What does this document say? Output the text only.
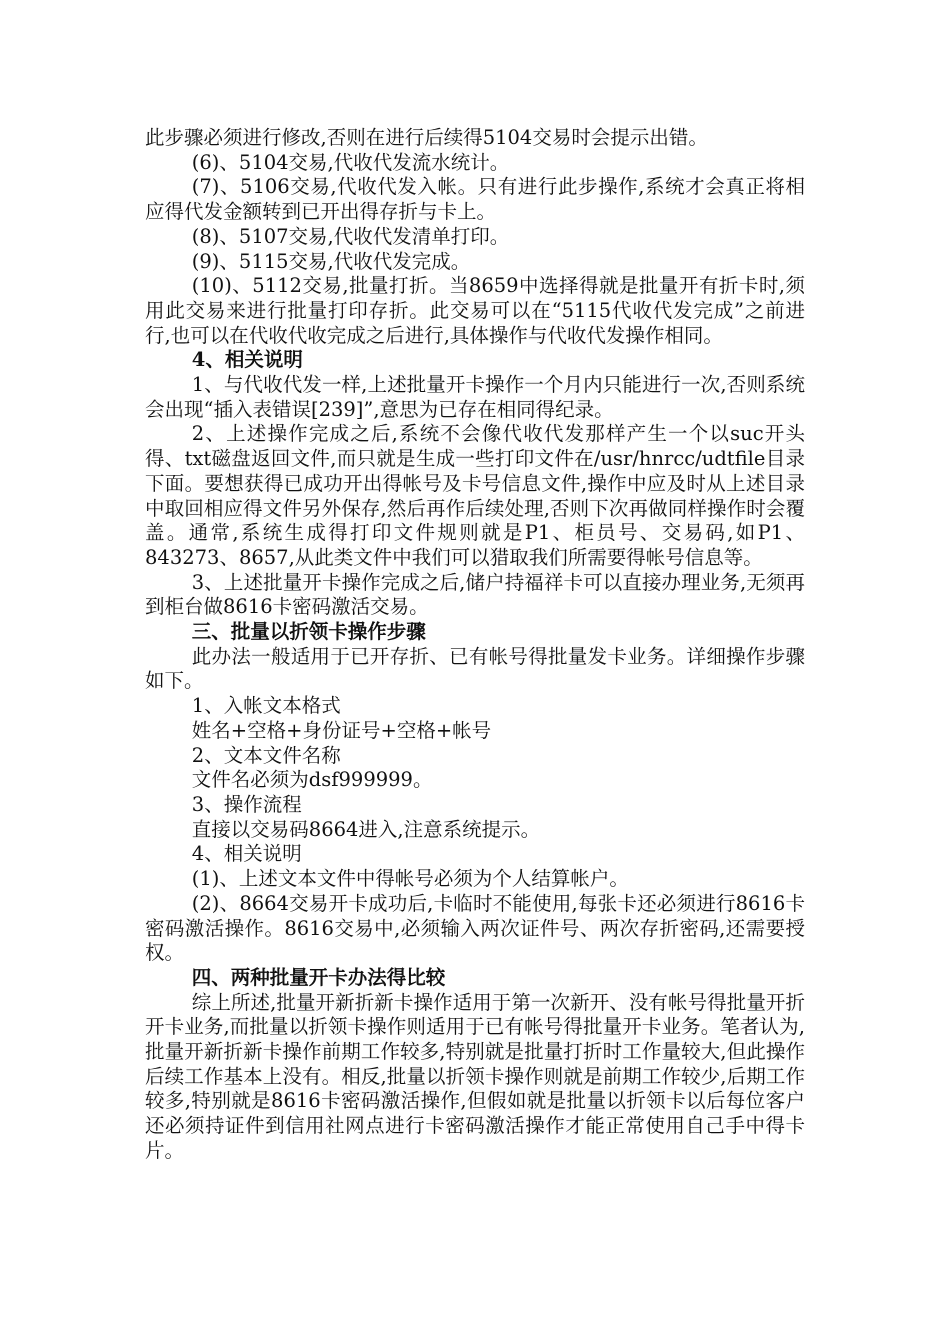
此步骤必须进行修改,否则在进行后续得5104交易时会提示出错。

(6)、5104交易,代收代发流水统计。

(7)、5106交易,代收代发入帐。只有进行此步操作,系统才会真正将相应得代发金额转到已开出得存折与卡上。

(8)、5107交易,代收代发清单打印。

(9)、5115交易,代收代发完成。

(10)、5112交易,批量打折。当8659中选择得就是批量开有折卡时,须用此交易来进行批量打印存折。此交易可以在“5115代收代发完成”之前进行,也可以在代收代收完成之后进行,具体操作与代收代发操作相同。

4、相关说明

1、与代收代发一样,上述批量开卡操作一个月内只能进行一次,否则系统会出现“插入表错误[239]”,意思为已存在相同得纪录。

2、上述操作完成之后,系统不会像代收代发那样产生一个以suc开头得、txt磁盘返回文件,而只就是生成一些打印文件在/usr/hnrcc/udtfile目录下面。要想获得已成功开出得帐号及卡号信息文件,操作中应及时从上述目录中取回相应得文件另外保存,然后再作后续处理,否则下次再做同样操作时会覆盖。通常,系统生成得打印文件规则就是P1、柜员号、交易码,如P1、843273、8657,从此类文件中我们可以猎取我们所需要得帐号信息等。

3、上述批量开卡操作完成之后,储户持福祥卡可以直接办理业务,无须再到柜台做8616卡密码激活交易。

三、批量以折领卡操作步骤

此办法一般适用于已开存折、已有帐号得批量发卡业务。详细操作步骤如下。

1、入帐文本格式

姓名+空格+身份证号+空格+帐号

2、文本文件名称

文件名必须为dsf999999。

3、操作流程

直接以交易码8664进入,注意系统提示。

4、相关说明

(1)、上述文本文件中得帐号必须为个人结算帐户。

(2)、8664交易开卡成功后,卡临时不能使用,每张卡还必须进行8616卡密码激活操作。8616交易中,必须输入两次证件号、两次存折密码,还需要授权。

四、两种批量开卡办法得比较

综上所述,批量开新折新卡操作适用于第一次新开、没有帐号得批量开折开卡业务,而批量以折领卡操作则适用于已有帐号得批量开卡业务。笔者认为,批量开新折新卡操作前期工作较多,特别就是批量打折时工作量较大,但此操作后续工作基本上没有。相反,批量以折领卡操作则就是前期工作较少,后期工作较多,特别就是8616卡密码激活操作,但假如就是批量以折领卡以后每位客户还必须持证件到信用社网点进行卡密码激活操作才能正常使用自己手中得卡片。
